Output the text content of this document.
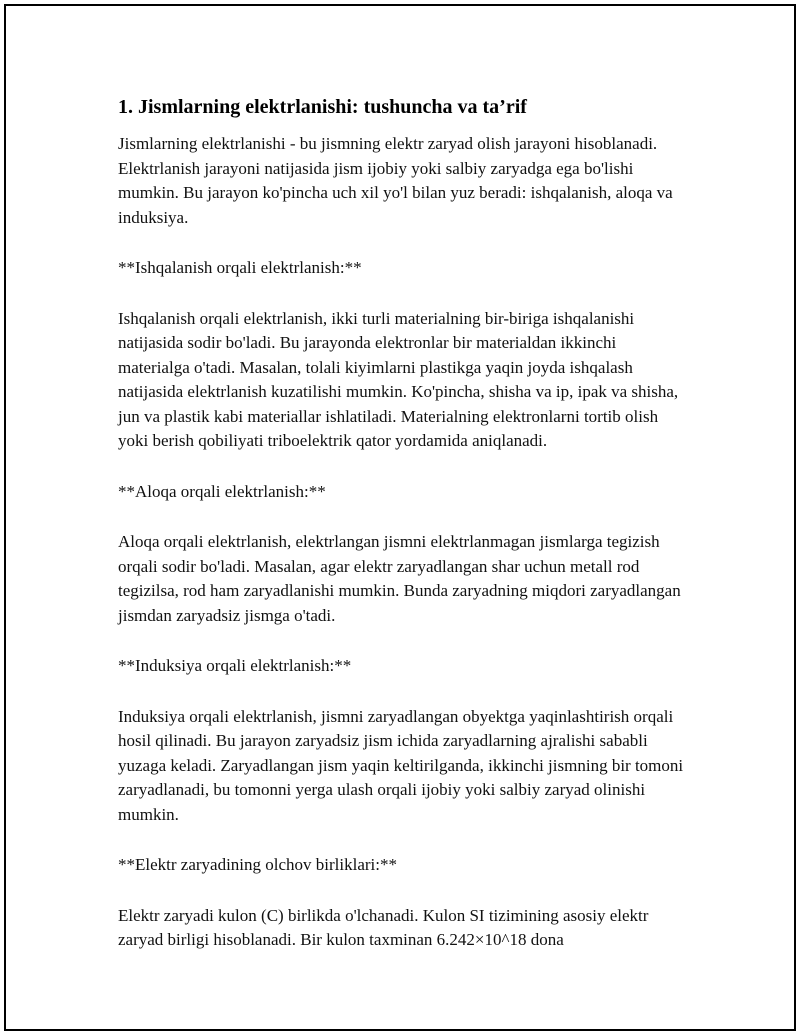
1. Jismlarning elektrlanishi: tushuncha va ta’rif

Jismlarning elektrlanishi - bu jismning elektr zaryad olish jarayoni hisoblanadi. Elektrlanish jarayoni natijasida jism ijobiy yoki salbiy zaryadga ega bo'lishi mumkin. Bu jarayon ko'pincha uch xil yo'l bilan yuz beradi: ishqalanish, aloqa va induksiya.

**Ishqalanish orqali elektrlanish:**

Ishqalanish orqali elektrlanish, ikki turli materialning bir-biriga ishqalanishi natijasida sodir bo'ladi. Bu jarayonda elektronlar bir materialdan ikkinchi materialga o'tadi. Masalan, tolali kiyimlarni plastikga yaqin joyda ishqalash natijasida elektrlanish kuzatilishi mumkin. Ko'pincha, shisha va ip, ipak va shisha, jun va plastik kabi materiallar ishlatiladi. Materialning elektronlarni tortib olish yoki berish qobiliyati triboelektrik qator yordamida aniqlanadi.

**Aloqa orqali elektrlanish:**

Aloqa orqali elektrlanish, elektrlangan jismni elektrlanmagan jismlarga tegizish orqali sodir bo'ladi. Masalan, agar elektr zaryadlangan shar uchun metall rod tegizilsa, rod ham zaryadlanishi mumkin. Bunda zaryadning miqdori zaryadlangan jismdan zaryadsiz jismga o'tadi.

**Induksiya orqali elektrlanish:**

Induksiya orqali elektrlanish, jismni zaryadlangan obyektga yaqinlashtirish orqali hosil qilinadi. Bu jarayon zaryadsiz jism ichida zaryadlarning ajralishi sababli yuzaga keladi. Zaryadlangan jism yaqin keltirilganda, ikkinchi jismning bir tomoni zaryadlanadi, bu tomonni yerga ulash orqali ijobiy yoki salbiy zaryad olinishi mumkin.

**Elektr zaryadining olchov birliklari:**

Elektr zaryadi kulon (C) birlikda o'lchanadi. Kulon SI tizimining asosiy elektr zaryad birligi hisoblanadi. Bir kulon taxminan 6.242×10^18 dona
